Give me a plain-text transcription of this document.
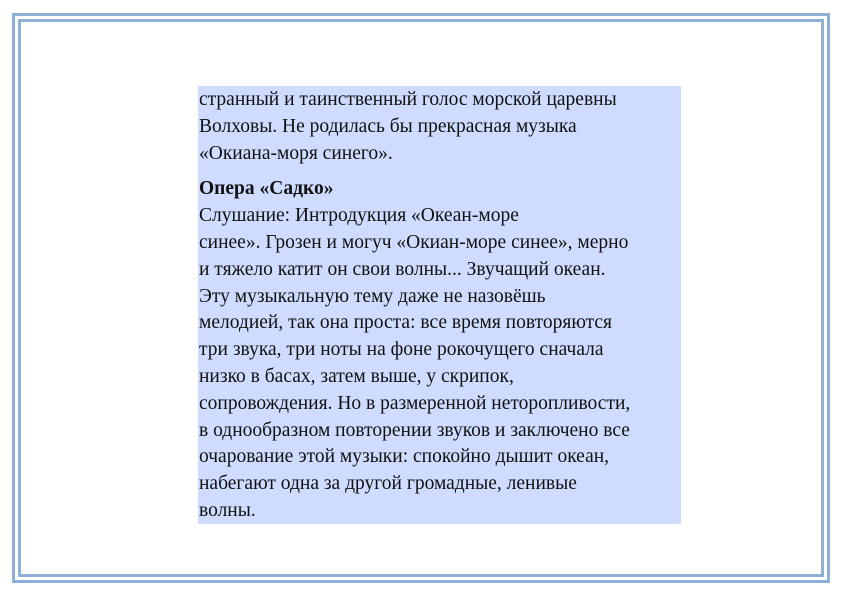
странный и таинственный голос морской царевны
Волховы. Не родилась бы прекрасная музыка
«Окиана-моря синего».
Опера «Садко»
Слушание: Интродукция «Океан-море
синее». Грозен и могуч «Окиан-море синее», мерно
и тяжело катит он свои волны... Звучащий океан.
Эту музыкальную тему даже не назовёшь
мелодией, так она проста: все время повторяются
три звука, три ноты на фоне рокочущего сначала
низко в басах, затем выше, у скрипок,
сопровождения. Но в размеренной неторопливости,
в однообразном повторении звуков и заключено все
очарование этой музыки: спокойно дышит океан,
набегают одна за другой громадные, ленивые
волны.
